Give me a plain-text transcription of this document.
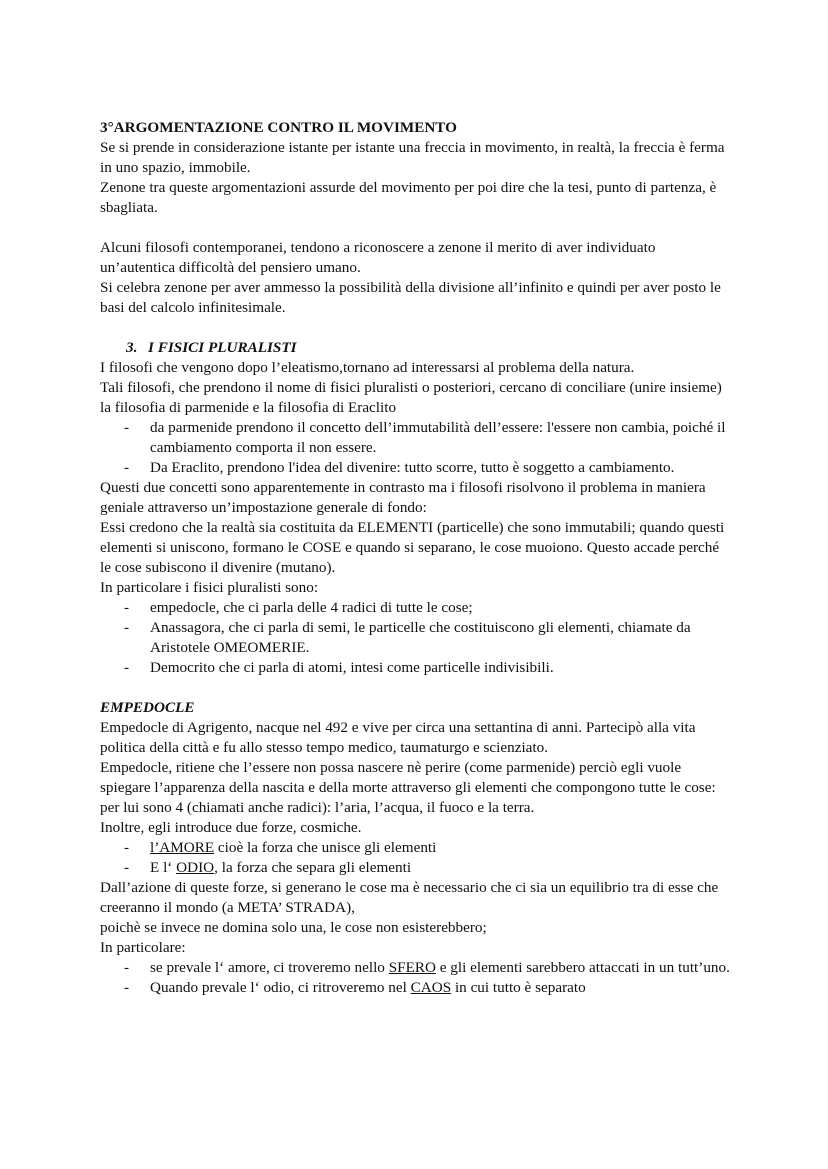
3°ARGOMENTAZIONE CONTRO IL MOVIMENTO

Se si prende in considerazione istante per istante una freccia in movimento, in realtà, la freccia è ferma in uno spazio, immobile.

Zenone tra queste argomentazioni assurde del movimento per poi dire che la tesi, punto di partenza, è sbagliata.

Alcuni filosofi contemporanei, tendono a riconoscere a zenone il merito di aver individuato un’autentica difficoltà del pensiero umano.

Si celebra zenone per aver ammesso la possibilità della divisione all’infinito e quindi per aver posto le basi del calcolo infinitesimale.

3. I FISICI PLURALISTI

I filosofi che vengono dopo l’eleatismo,tornano ad interessarsi al problema della natura.

Tali filosofi, che prendono il nome di fisici pluralisti o posteriori, cercano di conciliare (unire insieme) la filosofia di parmenide e la filosofia di Eraclito

- da parmenide prendono il concetto dell’immutabilità dell’essere: l'essere non cambia, poiché il cambiamento comporta il non essere.
- Da Eraclito, prendono l'idea del divenire: tutto scorre, tutto è soggetto a cambiamento.

Questi due concetti sono apparentemente in contrasto ma i filosofi risolvono il problema in maniera geniale attraverso un’impostazione generale di fondo:

Essi credono che la realtà sia costituita da ELEMENTI (particelle) che sono immutabili; quando questi elementi si uniscono, formano le COSE e quando si separano, le cose muoiono. Questo accade perché le cose subiscono il divenire (mutano).

In particolare i fisici pluralisti sono:

- empedocle, che ci parla delle 4 radici di tutte le cose;
- Anassagora, che ci parla di semi, le particelle che costituiscono gli elementi, chiamate da Aristotele OMEOMERIE.
- Democrito che ci parla di atomi, intesi come particelle indivisibili.

EMPEDOCLE

Empedocle di Agrigento, nacque nel 492 e vive per circa una settantina di anni. Partecipò alla vita politica della città e fu allo stesso tempo medico, taumaturgo e scienziato.

Empedocle, ritiene che l’essere non possa nascere nè perire (come parmenide) perciò egli vuole spiegare l’apparenza della nascita e della morte attraverso gli elementi che compongono tutte le cose: per lui sono 4 (chiamati anche radici): l’aria, l’acqua, il fuoco e la terra.

Inoltre, egli introduce due forze, cosmiche.

- l’AMORE cioè la forza che unisce gli elementi
- E l‘ ODIO, la forza che separa gli elementi

Dall’azione di queste forze, si generano le cose ma è necessario che ci sia un equilibrio tra di esse che creeranno il mondo (a META’ STRADA),

poichè se invece ne domina solo una, le cose non esisterebbero;

In particolare:

- se prevale l‘ amore, ci troveremo nello SFERO e gli elementi sarebbero attaccati in un tutt’uno.
- Quando prevale l‘ odio, ci ritroveremo nel CAOS in cui tutto è separato
